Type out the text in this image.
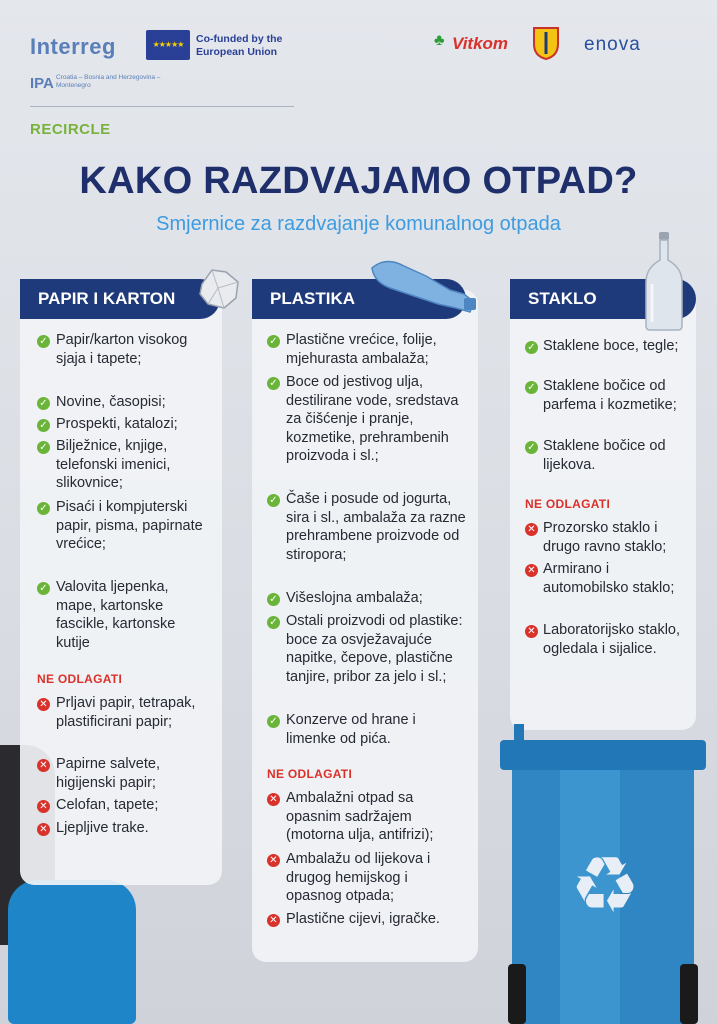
Interreg	★★★★★	Co-funded by the European Union
IPA Croatia – Bosnia and Herzegovina – Montenegro
RECIRCLE
♣ Vitkom	enova
KAKO RAZDVAJAMO OTPAD?
Smjernice za razdvajanje komunalnog otpada
PAPIR I KARTON
✓ Papir/karton visokog sjaja i tapete;
✓ Novine, časopisi;
✓ Prospekti, katalozi;
✓ Bilježnice, knjige, telefonski imenici, slikovnice;
✓ Pisaći i kompjuterski papir, pisma, papirnate vrećice;
✓ Valovita ljepenka, mape, kartonske fascikle, kartonske kutije
NE ODLAGATI
✕ Prljavi papir, tetrapak, plastificirani papir;
✕ Papirne salvete, higijenski papir;
✕ Celofan, tapete;
✕ Ljepljive trake.
PLASTIKA
✓ Plastične vrećice, folije, mjehurasta ambalaža;
✓ Boce od jestivog ulja, destilirane vode, sredstava za čišćenje i pranje, kozmetike, prehrambenih proizvoda i sl.;
✓ Čaše i posude od jogurta, sira i sl., ambalaža za razne prehrambene proizvode od stiropora;
✓ Višeslojna ambalaža;
✓ Ostali proizvodi od plastike: boce za osvježavajuće napitke, čepove, plastične tanjire, pribor za jelo i sl.;
✓ Konzerve od hrane i limenke od pića.
NE ODLAGATI
✕ Ambalažni otpad sa opasnim sadržajem (motorna ulja, antifrizi);
✕ Ambalažu od lijekova i drugog hemijskog i opasnog otpada;
✕ Plastične cijevi, igračke.
STAKLO
✓ Staklene boce, tegle;
✓ Staklene bočice od parfema i kozmetike;
✓ Staklene bočice od lijekova.
NE ODLAGATI
✕ Prozorsko staklo i drugo ravno staklo;
✕ Armirano i automobilsko staklo;
✕ Laboratorijsko staklo, ogledala i sijalice.
♻
